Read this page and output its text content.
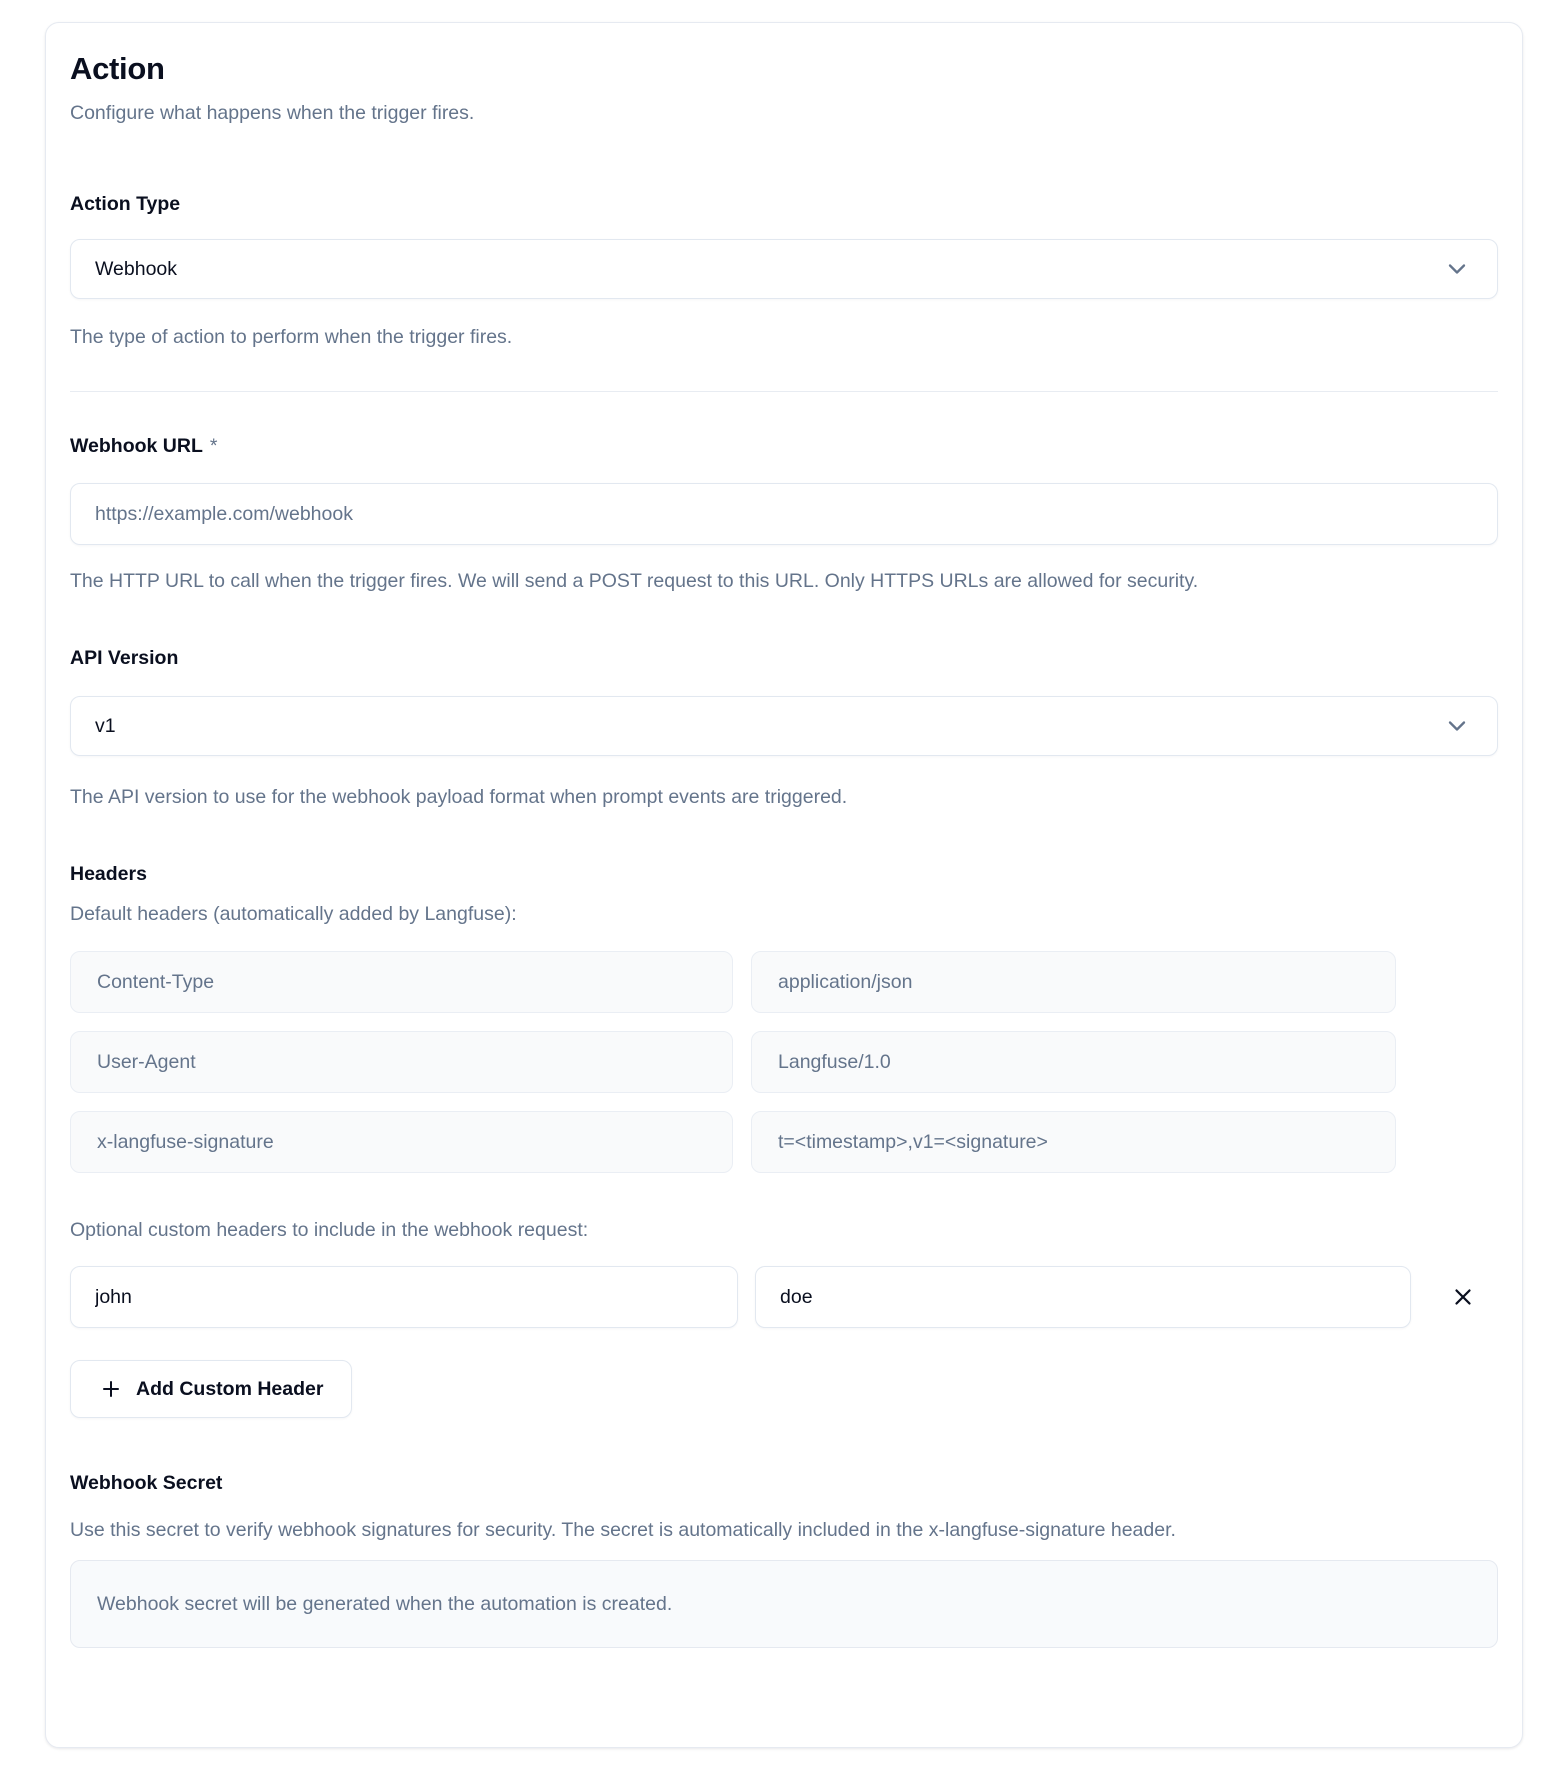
Action
Configure what happens when the trigger fires.
Action Type
Webhook
The type of action to perform when the trigger fires.
Webhook URL *
https://example.com/webhook
The HTTP URL to call when the trigger fires. We will send a POST request to this URL. Only HTTPS URLs are allowed for security.
API Version
v1
The API version to use for the webhook payload format when prompt events are triggered.
Headers
Default headers (automatically added by Langfuse):
Content-Type
application/json
User-Agent
Langfuse/1.0
x-langfuse-signature
t=<timestamp>,v1=<signature>
Optional custom headers to include in the webhook request:
john
doe
Add Custom Header
Webhook Secret
Use this secret to verify webhook signatures for security. The secret is automatically included in the x-langfuse-signature header.
Webhook secret will be generated when the automation is created.
